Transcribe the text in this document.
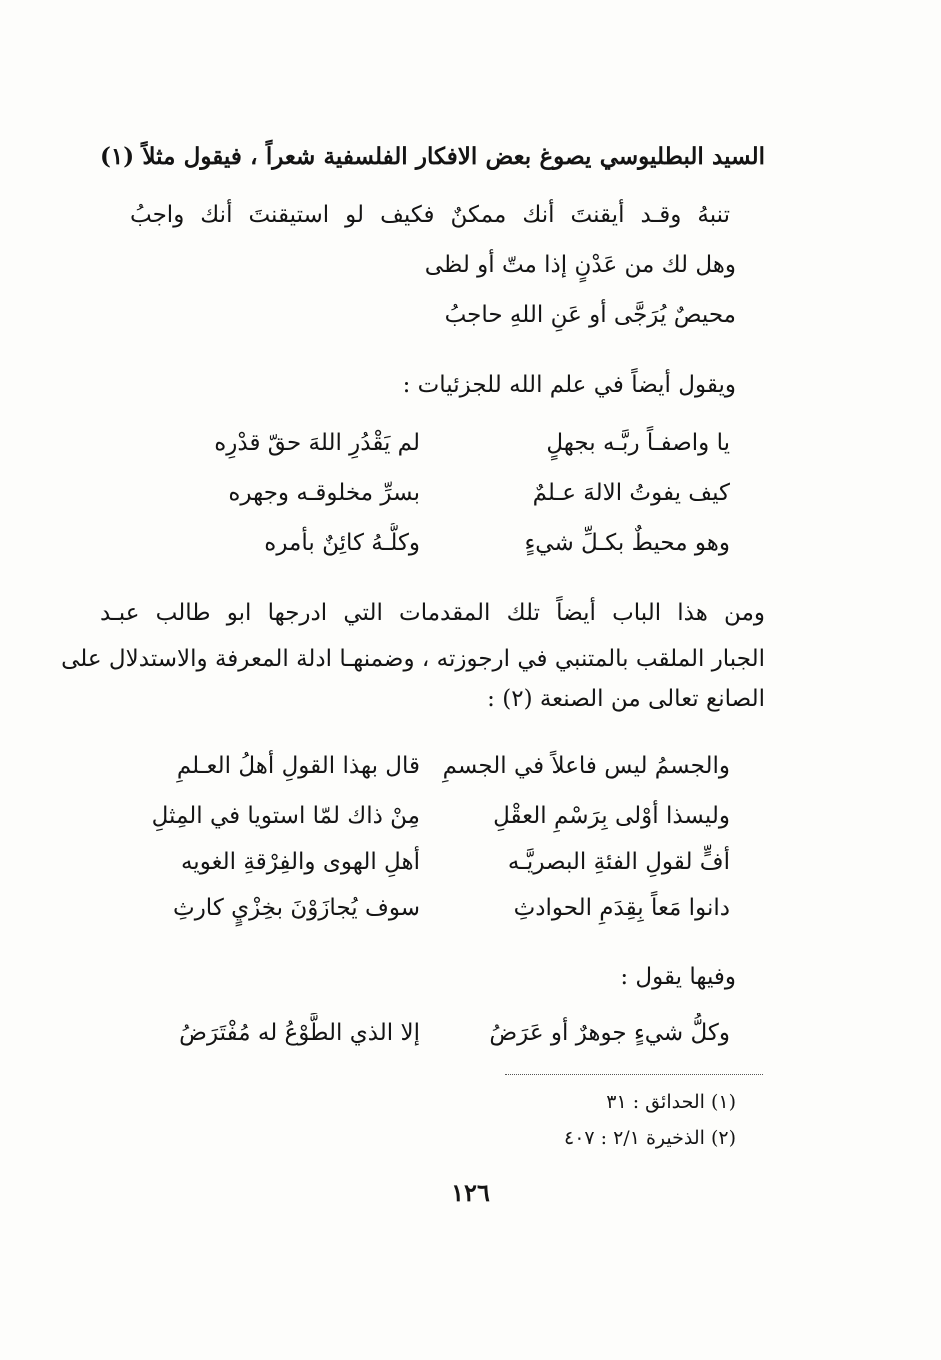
السيد البطليوسي يصوغ بعض الافكار الفلسفية شعراً ، فيقول مثلاً (١)
تنبهُ وقـد أيقنتَ أنك ممكنٌ فكيف لو استيقنتَ أنك واجبُ
وهل لك من عَدْنٍ إذا متّ أو لظى
محيصٌ يُرَجَّى أو عَنِ اللهِ حاجبُ
ويقول أيضاً في علم الله للجزئيات :
يا واصفـاً ربَّـه بجهلٍ
لم يَقْدُرِ اللهَ حقّ قدْرِه
كيف يفوتُ الالهَ عـلمٌ
بسرِّ مخلوقـه وجهره
وهو محيطٌ بكـلِّ شيءٍ
وكلُّـهُ كائِنٌ بأمره
ومن هذا الباب أيضاً تلك المقدمات التي ادرجها ابو طالب عبـد
الجبار الملقب بالمتنبي في ارجوزته ، وضمنهـا ادلة المعرفة والاستدلال على
الصانع تعالى من الصنعة (٢) :
والجسمُ ليس فاعلاً في الجسمِ
قال بهذا القولِ أهلُ العـلمِ
وليسذا أوْلى بِرَسْمِ العقْلِ
مِنْ ذاك لمّا استويا في المِثلِ
أفٍّ لقولِ الفئةِ البصريَّـه
أهلِ الهوى والفِرْقةِ الغويه
دانوا مَعاً بِقِدَمِ الحوادثِ
سوف يُجازَوْنَ بخِزْيٍ كارثِ
وفيها يقول :
وكلُّ شيءٍ جوهرٌ أو عَرَضُ
إلا الذي الطَّوْعُ له مُفْتَرَضُ
(١) الحدائق : ٣١
(٢) الذخيرة ٢/١ : ٤٠٧
١٢٦
